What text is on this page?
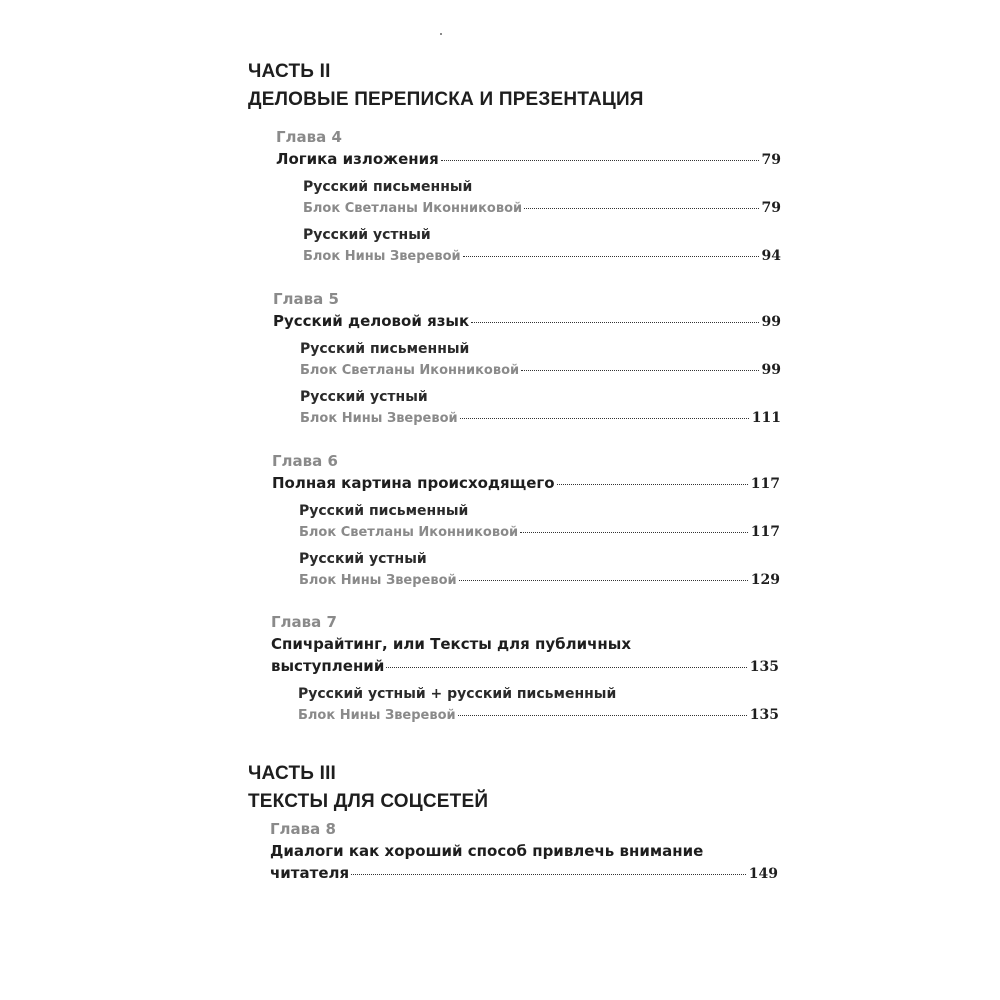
ЧАСТЬ II
ДЕЛОВЫЕ ПЕРЕПИСКА И ПРЕЗЕНТАЦИЯ
Глава 4
Логика изложения	79
Русский письменный
Блок Светланы Иконниковой	79
Русский устный
Блок Нины Зверевой	94
Глава 5
Русский деловой язык	99
Русский письменный
Блок Светланы Иконниковой	99
Русский устный
Блок Нины Зверевой	111
Глава 6
Полная картина происходящего	117
Русский письменный
Блок Светланы Иконниковой	117
Русский устный
Блок Нины Зверевой	129
Глава 7
Спичрайтинг, или Тексты для публичных
выступлений	135
Русский устный + русский письменный
Блок Нины Зверевой	135
ЧАСТЬ III
ТЕКСТЫ ДЛЯ СОЦСЕТЕЙ
Глава 8
Диалоги как хороший способ привлечь внимание
читателя	149
